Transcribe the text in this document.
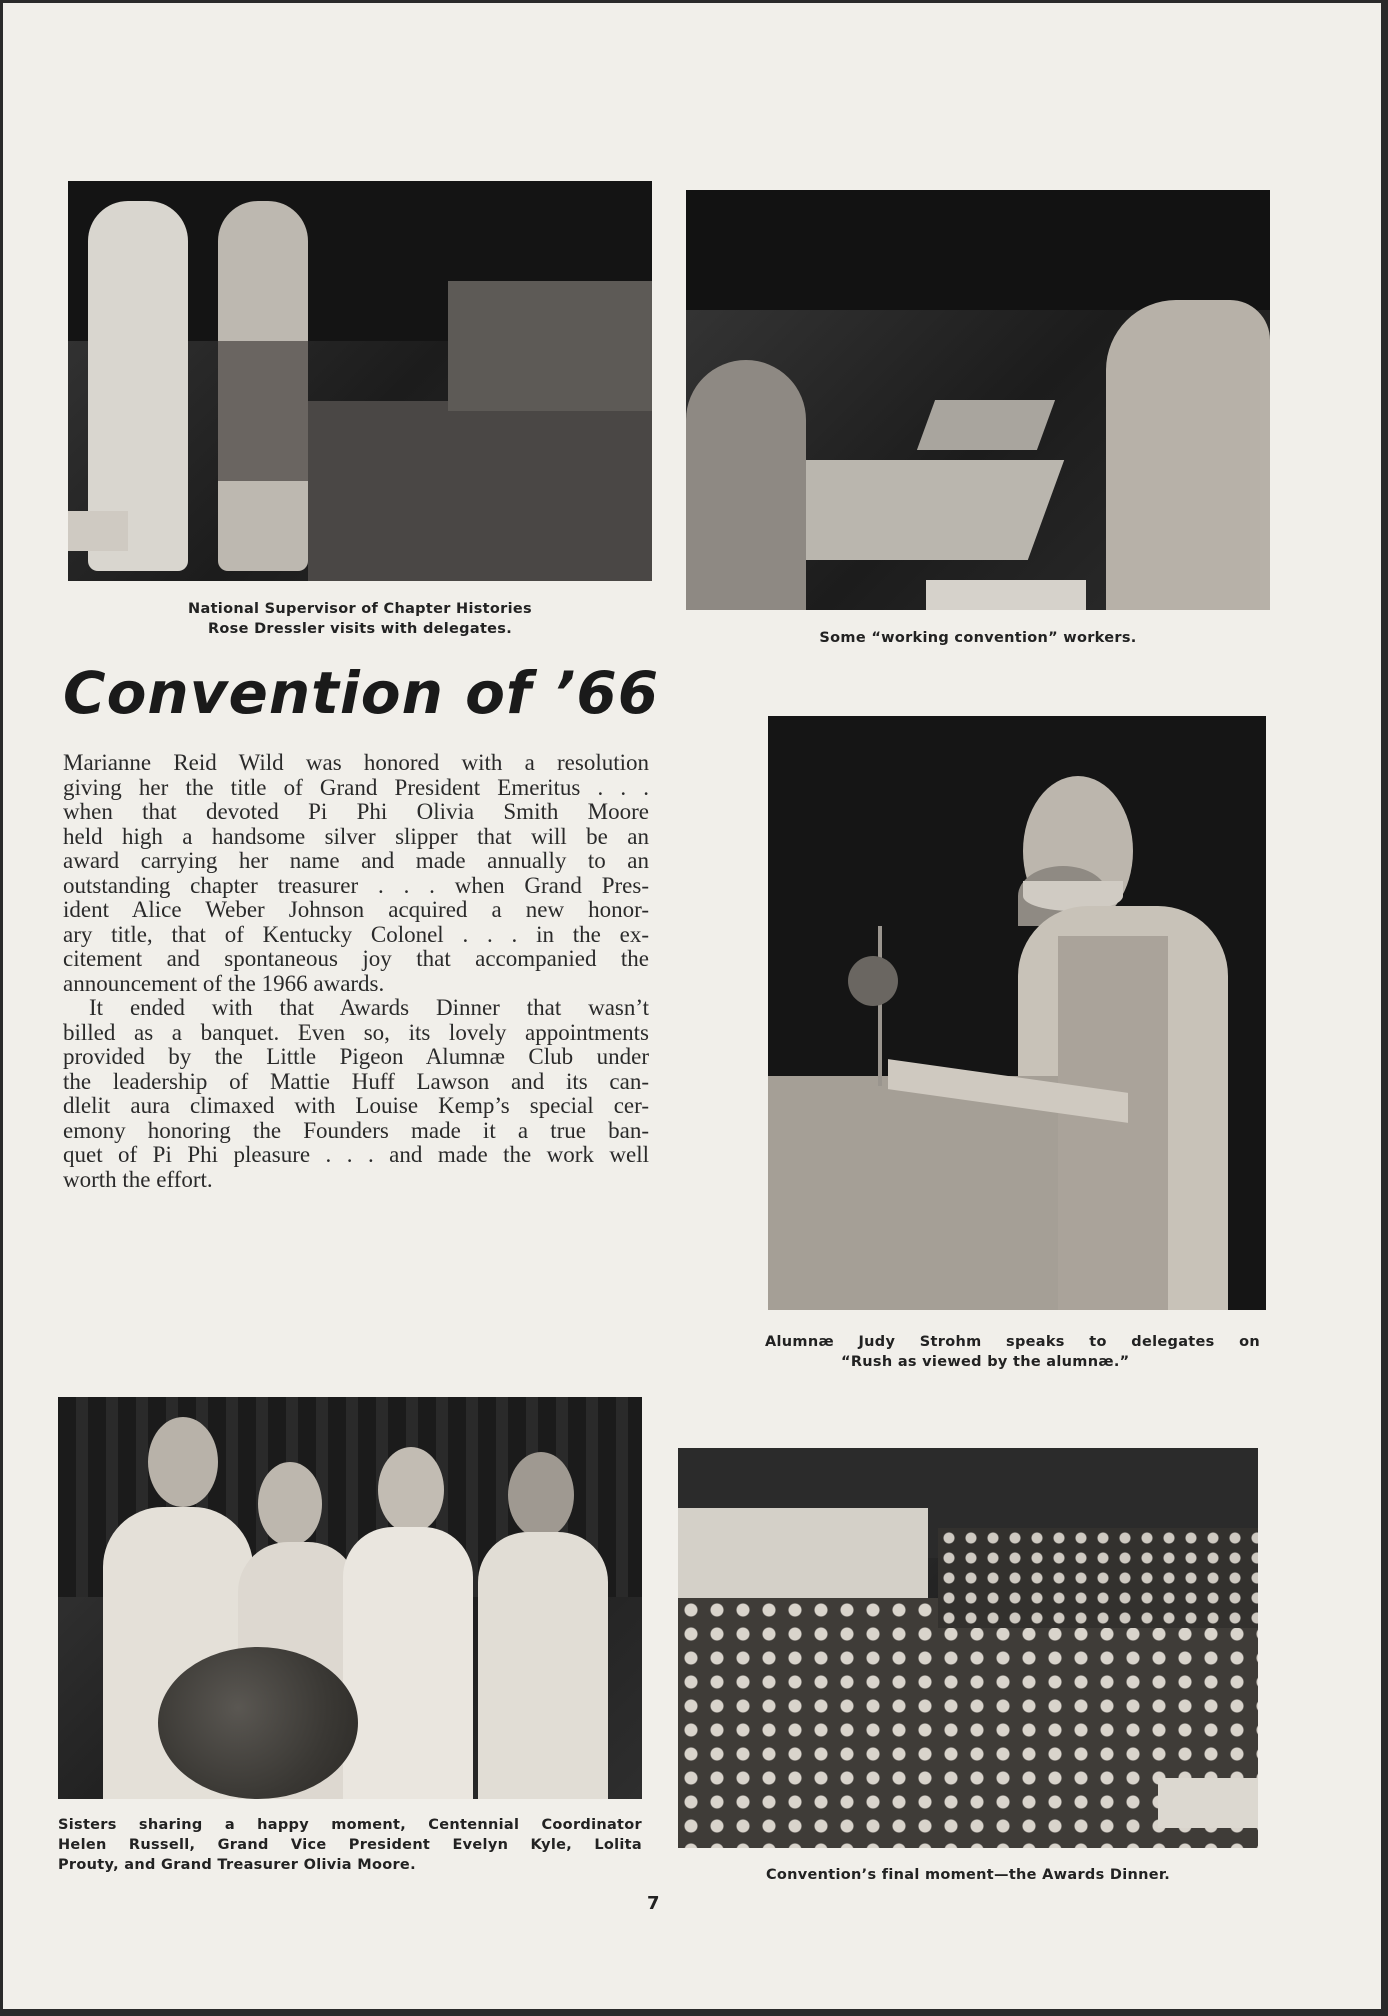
National Supervisor of Chapter Histories
Rose Dressler visits with delegates.
Some “working convention” workers.
Convention of ’66
Marianne Reid Wild was honored with a resolution
giving her the title of Grand President Emeritus . . .
when that devoted Pi Phi Olivia Smith Moore
held high a handsome silver slipper that will be an
award carrying her name and made annually to an
outstanding chapter treasurer . . . when Grand Pres-
ident Alice Weber Johnson acquired a new honor-
ary title, that of Kentucky Colonel . . . in the ex-
citement and spontaneous joy that accompanied the
announcement of the 1966 awards.
It ended with that Awards Dinner that wasn’t
billed as a banquet. Even so, its lovely appointments
provided by the Little Pigeon Alumnæ Club under
the leadership of Mattie Huff Lawson and its can-
dlelit aura climaxed with Louise Kemp’s special cer-
emony honoring the Founders made it a true ban-
quet of Pi Phi pleasure . . . and made the work well
worth the effort.
Alumnæ Judy Strohm speaks to delegates on
“Rush as viewed by the alumnæ.”
Sisters sharing a happy moment, Centennial Coordinator
Helen Russell, Grand Vice President Evelyn Kyle, Lolita
Prouty, and Grand Treasurer Olivia Moore.
Convention’s final moment—the Awards Dinner.
7
